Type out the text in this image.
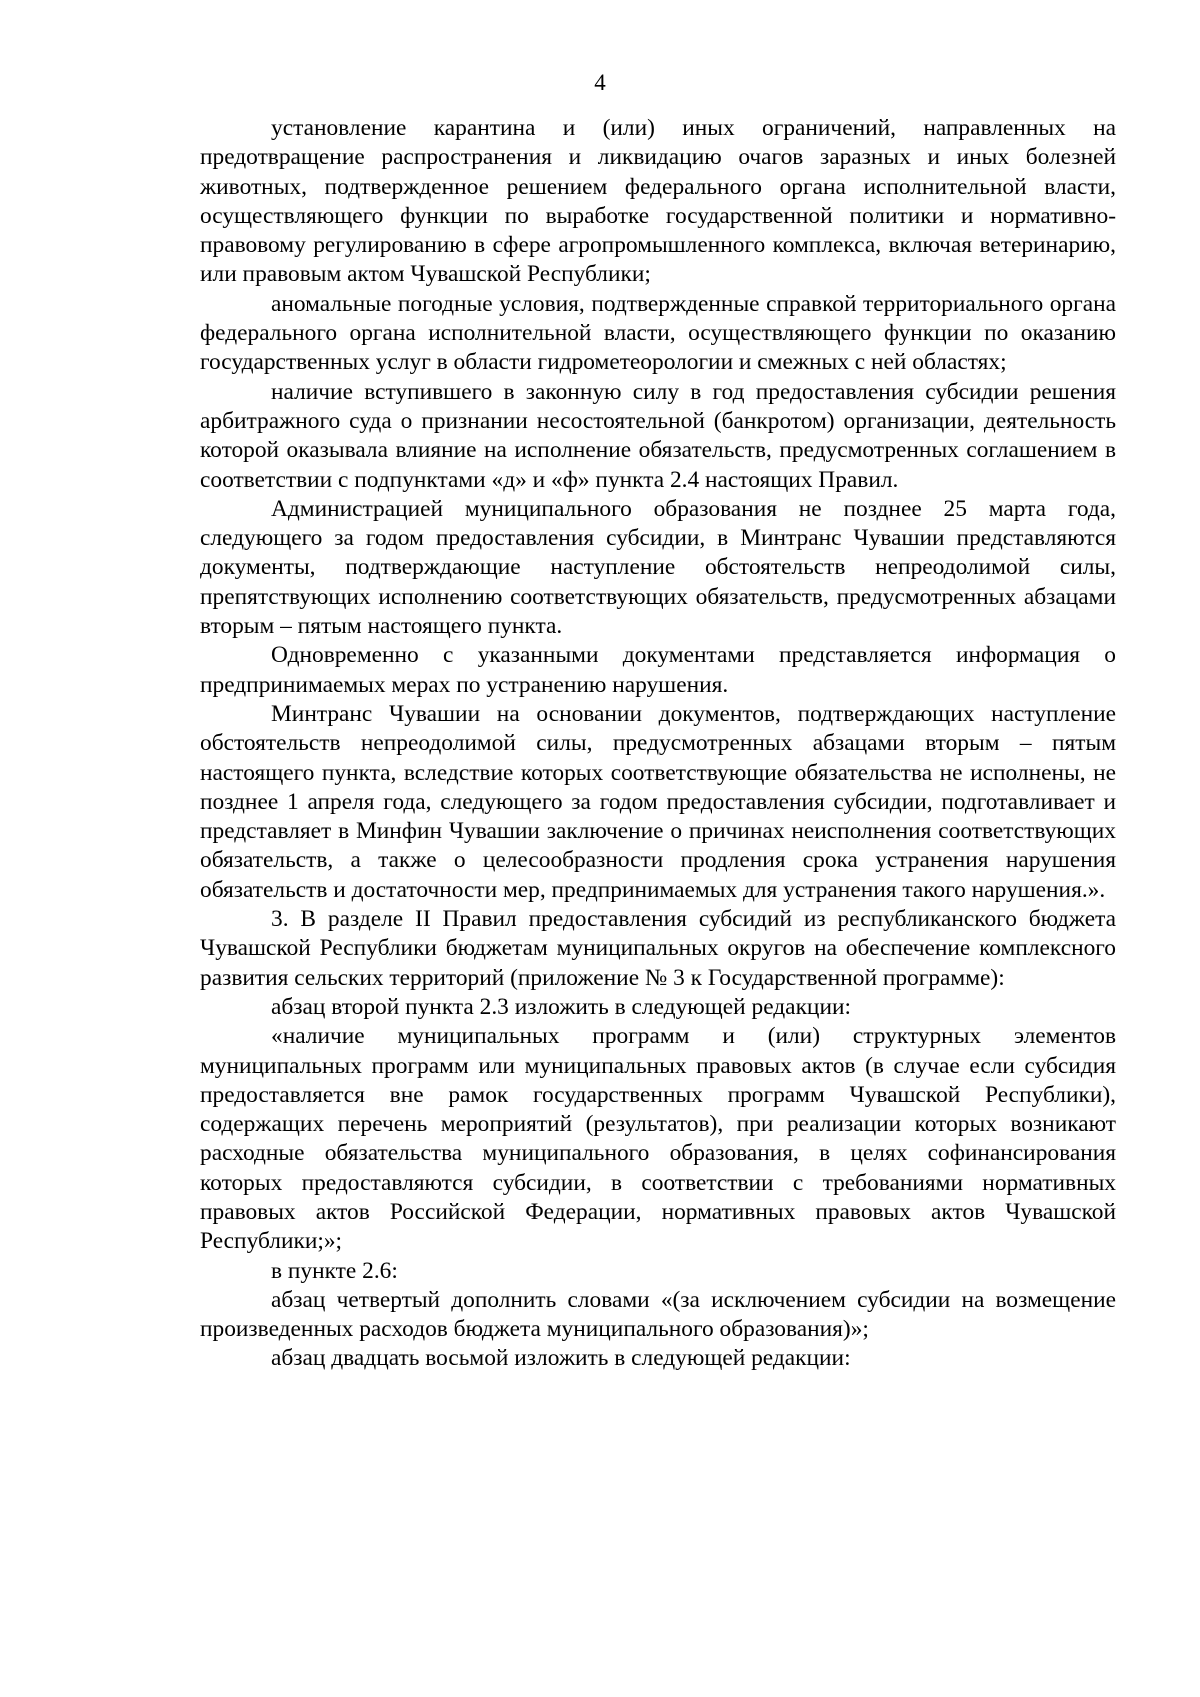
4

установление карантина и (или) иных ограничений, направленных на предотвращение распространения и ликвидацию очагов заразных и иных болезней животных, подтвержденное решением федерального органа исполнительной власти, осуществляющего функции по выработке государственной политики и нормативно-правовому регулированию в сфере агропромышленного комплекса, включая ветеринарию, или правовым актом Чувашской Республики;

аномальные погодные условия, подтвержденные справкой территориального органа федерального органа исполнительной власти, осуществляющего функции по оказанию государственных услуг в области гидрометеорологии и смежных с ней областях;

наличие вступившего в законную силу в год предоставления субсидии решения арбитражного суда о признании несостоятельной (банкротом) организации, деятельность которой оказывала влияние на исполнение обязательств, предусмотренных соглашением в соответствии с подпунктами «д» и «ф» пункта 2.4 настоящих Правил.

Администрацией муниципального образования не позднее 25 марта года, следующего за годом предоставления субсидии, в Минтранс Чувашии представляются документы, подтверждающие наступление обстоятельств непреодолимой силы, препятствующих исполнению соответствующих обязательств, предусмотренных абзацами вторым – пятым настоящего пункта.

Одновременно с указанными документами представляется информация о предпринимаемых мерах по устранению нарушения.

Минтранс Чувашии на основании документов, подтверждающих наступление обстоятельств непреодолимой силы, предусмотренных абзацами вторым – пятым настоящего пункта, вследствие которых соответствующие обязательства не исполнены, не позднее 1 апреля года, следующего за годом предоставления субсидии, подготавливает и представляет в Минфин Чувашии заключение о причинах неисполнения соответствующих обязательств, а также о целесообразности продления срока устранения нарушения обязательств и достаточности мер, предпринимаемых для устранения такого нарушения.».

3. В разделе II Правил предоставления субсидий из республиканского бюджета Чувашской Республики бюджетам муниципальных округов на обеспечение комплексного развития сельских территорий (приложение № 3 к Государственной программе):

абзац второй пункта 2.3 изложить в следующей редакции:

«наличие муниципальных программ и (или) структурных элементов муниципальных программ или муниципальных правовых актов (в случае если субсидия предоставляется вне рамок государственных программ Чувашской Республики), содержащих перечень мероприятий (результатов), при реализации которых возникают расходные обязательства муниципального образования, в целях софинансирования которых предоставляются субсидии, в соответствии с требованиями нормативных правовых актов Российской Федерации, нормативных правовых актов Чувашской Республики;»;

в пункте 2.6:

абзац четвертый дополнить словами «(за исключением субсидии на возмещение произведенных расходов бюджета муниципального образования)»;

абзац двадцать восьмой изложить в следующей редакции:
